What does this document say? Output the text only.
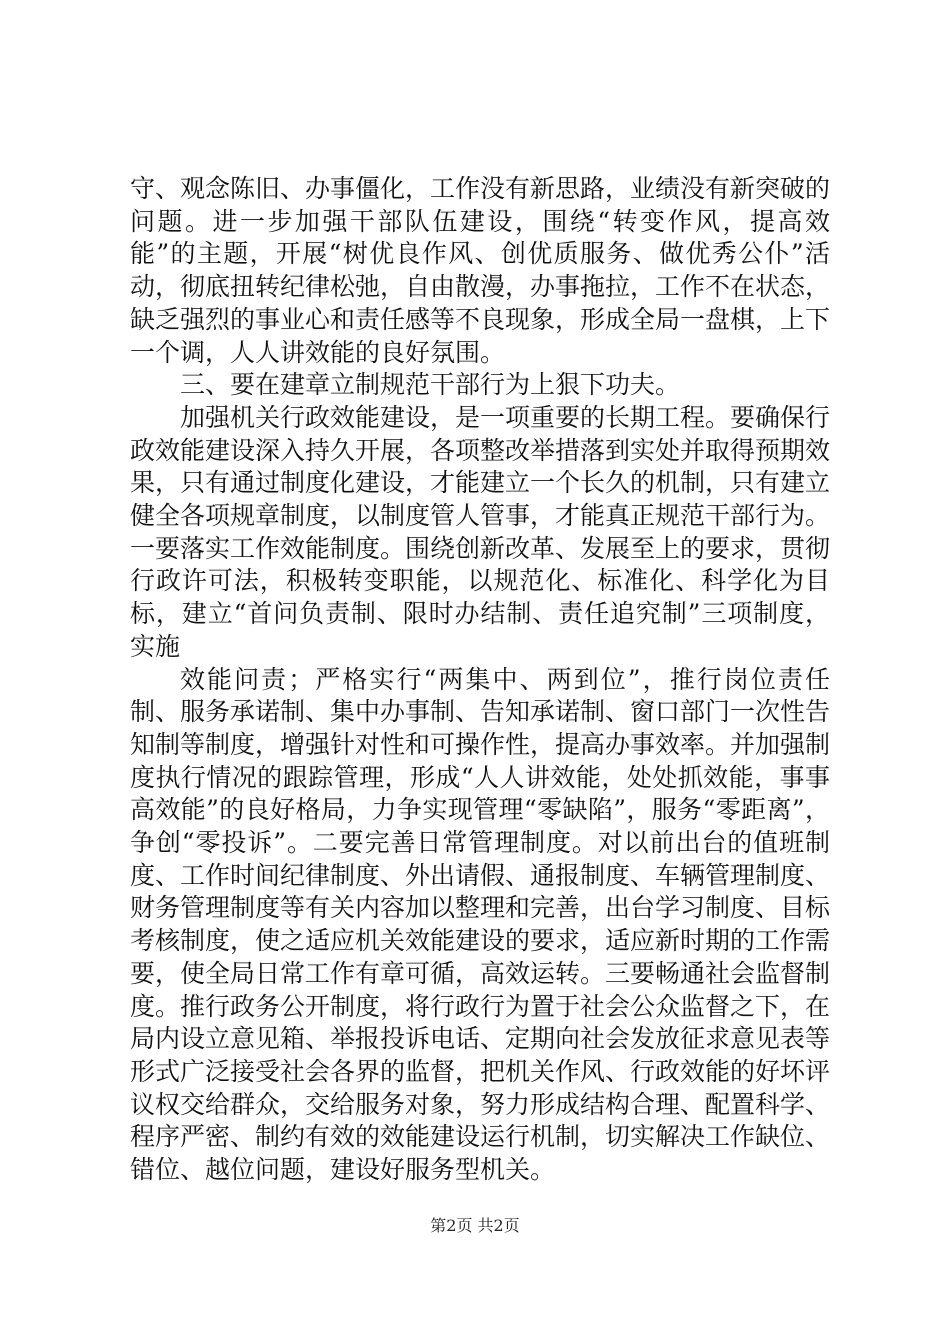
守、观念陈旧、办事僵化，工作没有新思路，业绩没有新突破的问题。进一步加强干部队伍建设，围绕“转变作风，提高效能”的主题，开展“树优良作风、创优质服务、做优秀公仆”活动，彻底扭转纪律松弛，自由散漫，办事拖拉，工作不在状态，缺乏强烈的事业心和责任感等不良现象，形成全局一盘棋，上下一个调，人人讲效能的良好氛围。

三、要在建章立制规范干部行为上狠下功夫。

加强机关行政效能建设，是一项重要的长期工程。要确保行政效能建设深入持久开展，各项整改举措落到实处并取得预期效果，只有通过制度化建设，才能建立一个长久的机制，只有建立健全各项规章制度，以制度管人管事，才能真正规范干部行为。一要落实工作效能制度。围绕创新改革、发展至上的要求，贯彻行政许可法，积极转变职能，以规范化、标准化、科学化为目标，建立“首问负责制、限时办结制、责任追究制”三项制度，实施

效能问责；严格实行“两集中、两到位”，推行岗位责任制、服务承诺制、集中办事制、告知承诺制、窗口部门一次性告知制等制度，增强针对性和可操作性，提高办事效率。并加强制度执行情况的跟踪管理，形成“人人讲效能，处处抓效能，事事高效能”的良好格局，力争实现管理“零缺陷”，服务“零距离”，争创“零投诉”。二要完善日常管理制度。对以前出台的值班制度、工作时间纪律制度、外出请假、通报制度、车辆管理制度、财务管理制度等有关内容加以整理和完善，出台学习制度、目标考核制度，使之适应机关效能建设的要求，适应新时期的工作需要，使全局日常工作有章可循，高效运转。三要畅通社会监督制度。推行政务公开制度，将行政行为置于社会公众监督之下，在局内设立意见箱、举报投诉电话、定期向社会发放征求意见表等形式广泛接受社会各界的监督，把机关作风、行政效能的好坏评议权交给群众，交给服务对象，努力形成结构合理、配置科学、程序严密、制约有效的效能建设运行机制，切实解决工作缺位、错位、越位问题，建设好服务型机关。

第2页 共2页
